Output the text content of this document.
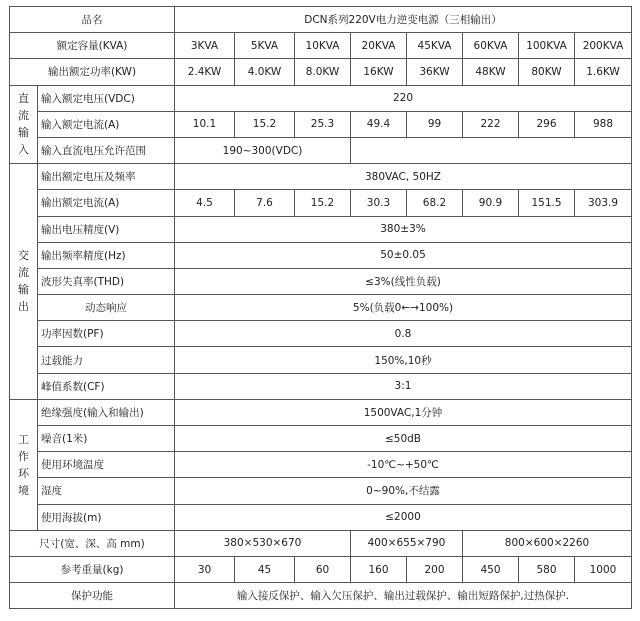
品名		DCN系列220V电力逆变电源（三相输出）							
额定容量(KVA)		3KVA	5KVA	10KVA	20KVA	45KVA	60KVA	100KVA	200KVA
输出额定功率(KW)		2.4KW	4.0KW	8.0KW	16KW	36KW	48KW	80KW	1.6KW

直流输入	输入额定电压(VDC)	220							
	输入额定电流(A)	10.1	15.2	25.3	49.4	99	222	296	988
	输入直流电压允许范围	190~300(VDC)							

交流输出	输出额定电压及频率	380VAC, 50HZ							
	输出额定电流(A)	4.5	7.6	15.2	30.3	68.2	90.9	151.5	303.9
	输出电压精度(V)	380±3%							
	输出频率精度(Hz)	50±0.05							
	波形失真率(THD)	≤3%(线性负载)							
	动态响应	5%(负载0←→100%)							
	功率因数(PF)	0.8							
	过载能力	150%,10秒							
	峰值系数(CF)	3:1							

工作环境	绝缘强度(输入和输出)	1500VAC,1分钟							
	噪音(1米)	≤50dB							
	使用环境温度	-10℃~+50℃							
	湿度	0~90%,不结露							
	使用海拔(m)	≤2000							
尺寸(宽、深、高 mm)		380×530×670			400×655×790		800×600×2260		
参考重量(kg)		30	45	60	160	200	450	580	1000
保护功能		输入接反保护、输入欠压保护、输出过载保护、输出短路保护,过热保护.							
